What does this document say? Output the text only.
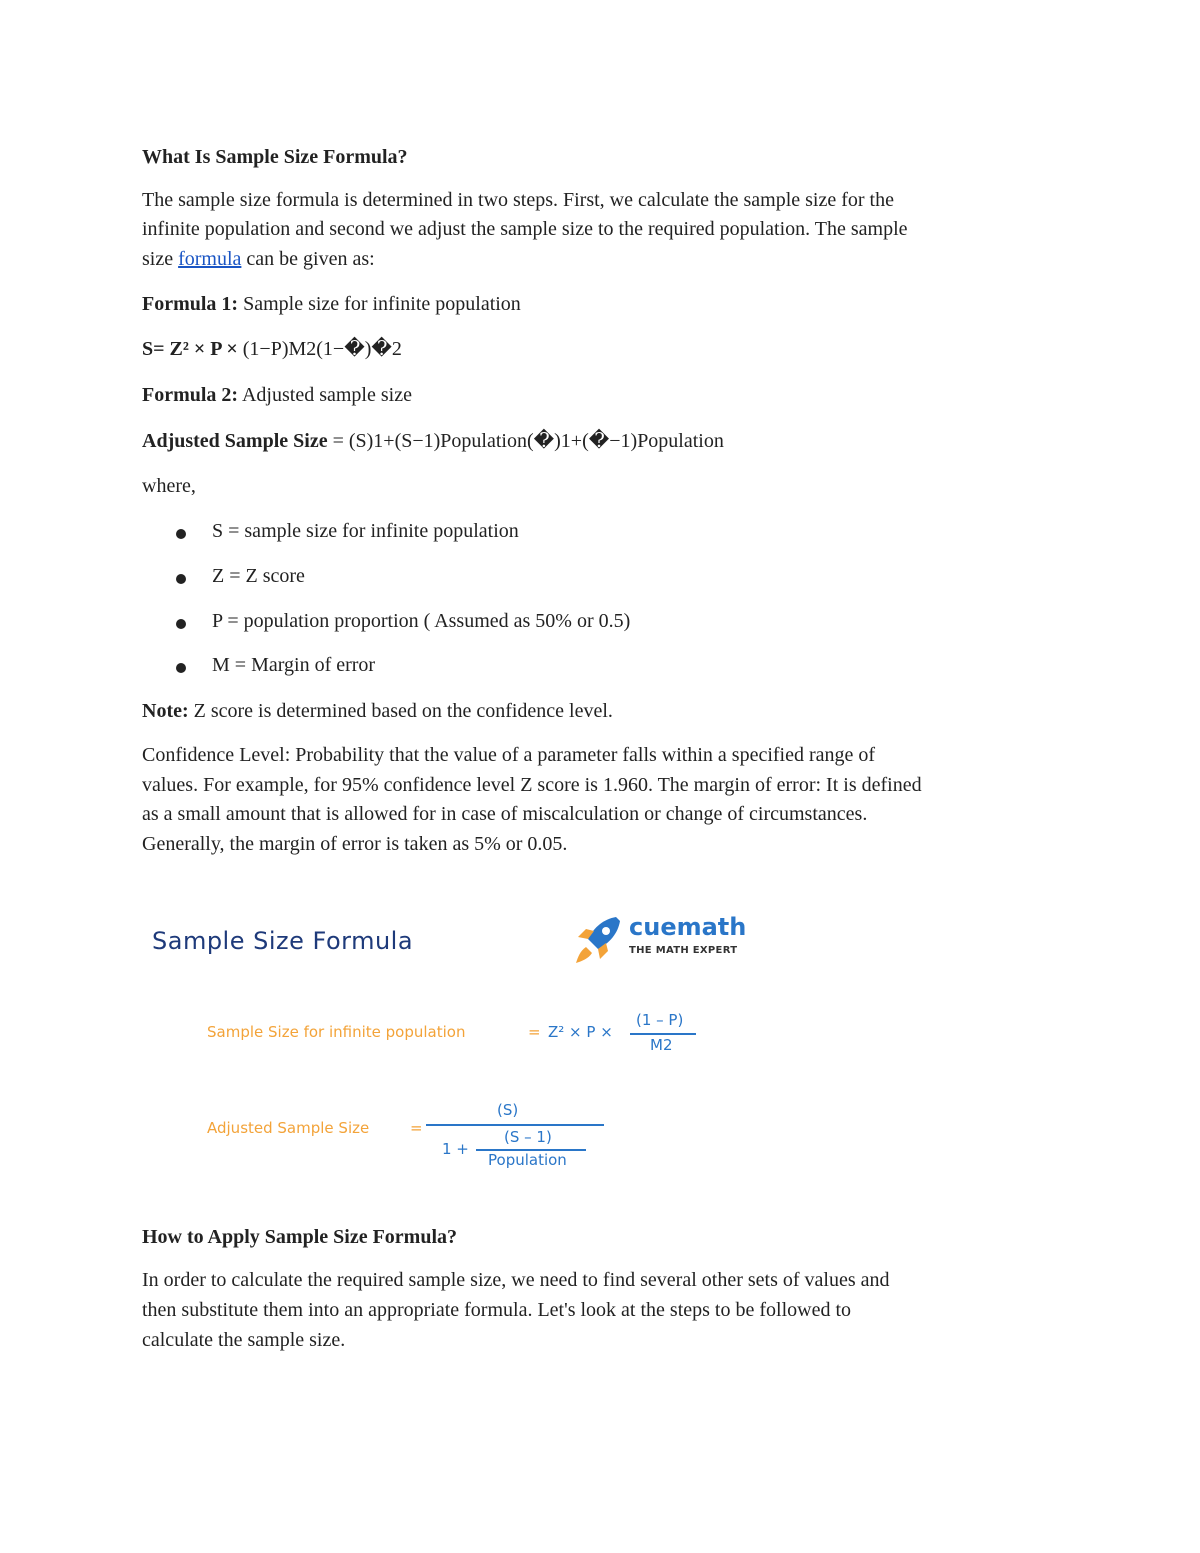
What Is Sample Size Formula?

The sample size formula is determined in two steps. First, we calculate the sample size for the

infinite population and second we adjust the sample size to the required population. The sample

size formula can be given as:

Formula 1: Sample size for infinite population

S= Z² × P × (1−P)M2(1−�)�2

Formula 2: Adjusted sample size

Adjusted Sample Size = (S)1+(S−1)Population(�)1+(�−1)Population

where,

S = sample size for infinite population
Z = Z score
P = population proportion ( Assumed as 50% or 0.5)
M = Margin of error

Note: Z score is determined based on the confidence level.

Confidence Level: Probability that the value of a parameter falls within a specified range of

values. For example, for 95% confidence level Z score is 1.960. The margin of error: It is defined

as a small amount that is allowed for in case of miscalculation or change of circumstances.

Generally, the margin of error is taken as 5% or 0.05.

How to Apply Sample Size Formula?

In order to calculate the required sample size, we need to find several other sets of values and

then substitute them into an appropriate formula. Let's look at the steps to be followed to

calculate the sample size.

Sample Size Formula	cuemath
THE MATH EXPERT
Sample Size for infinite population	= Z² × P ×
(1 – P)
M2
Adjusted Sample Size	=
(S)
1 +
(S – 1)
Population
